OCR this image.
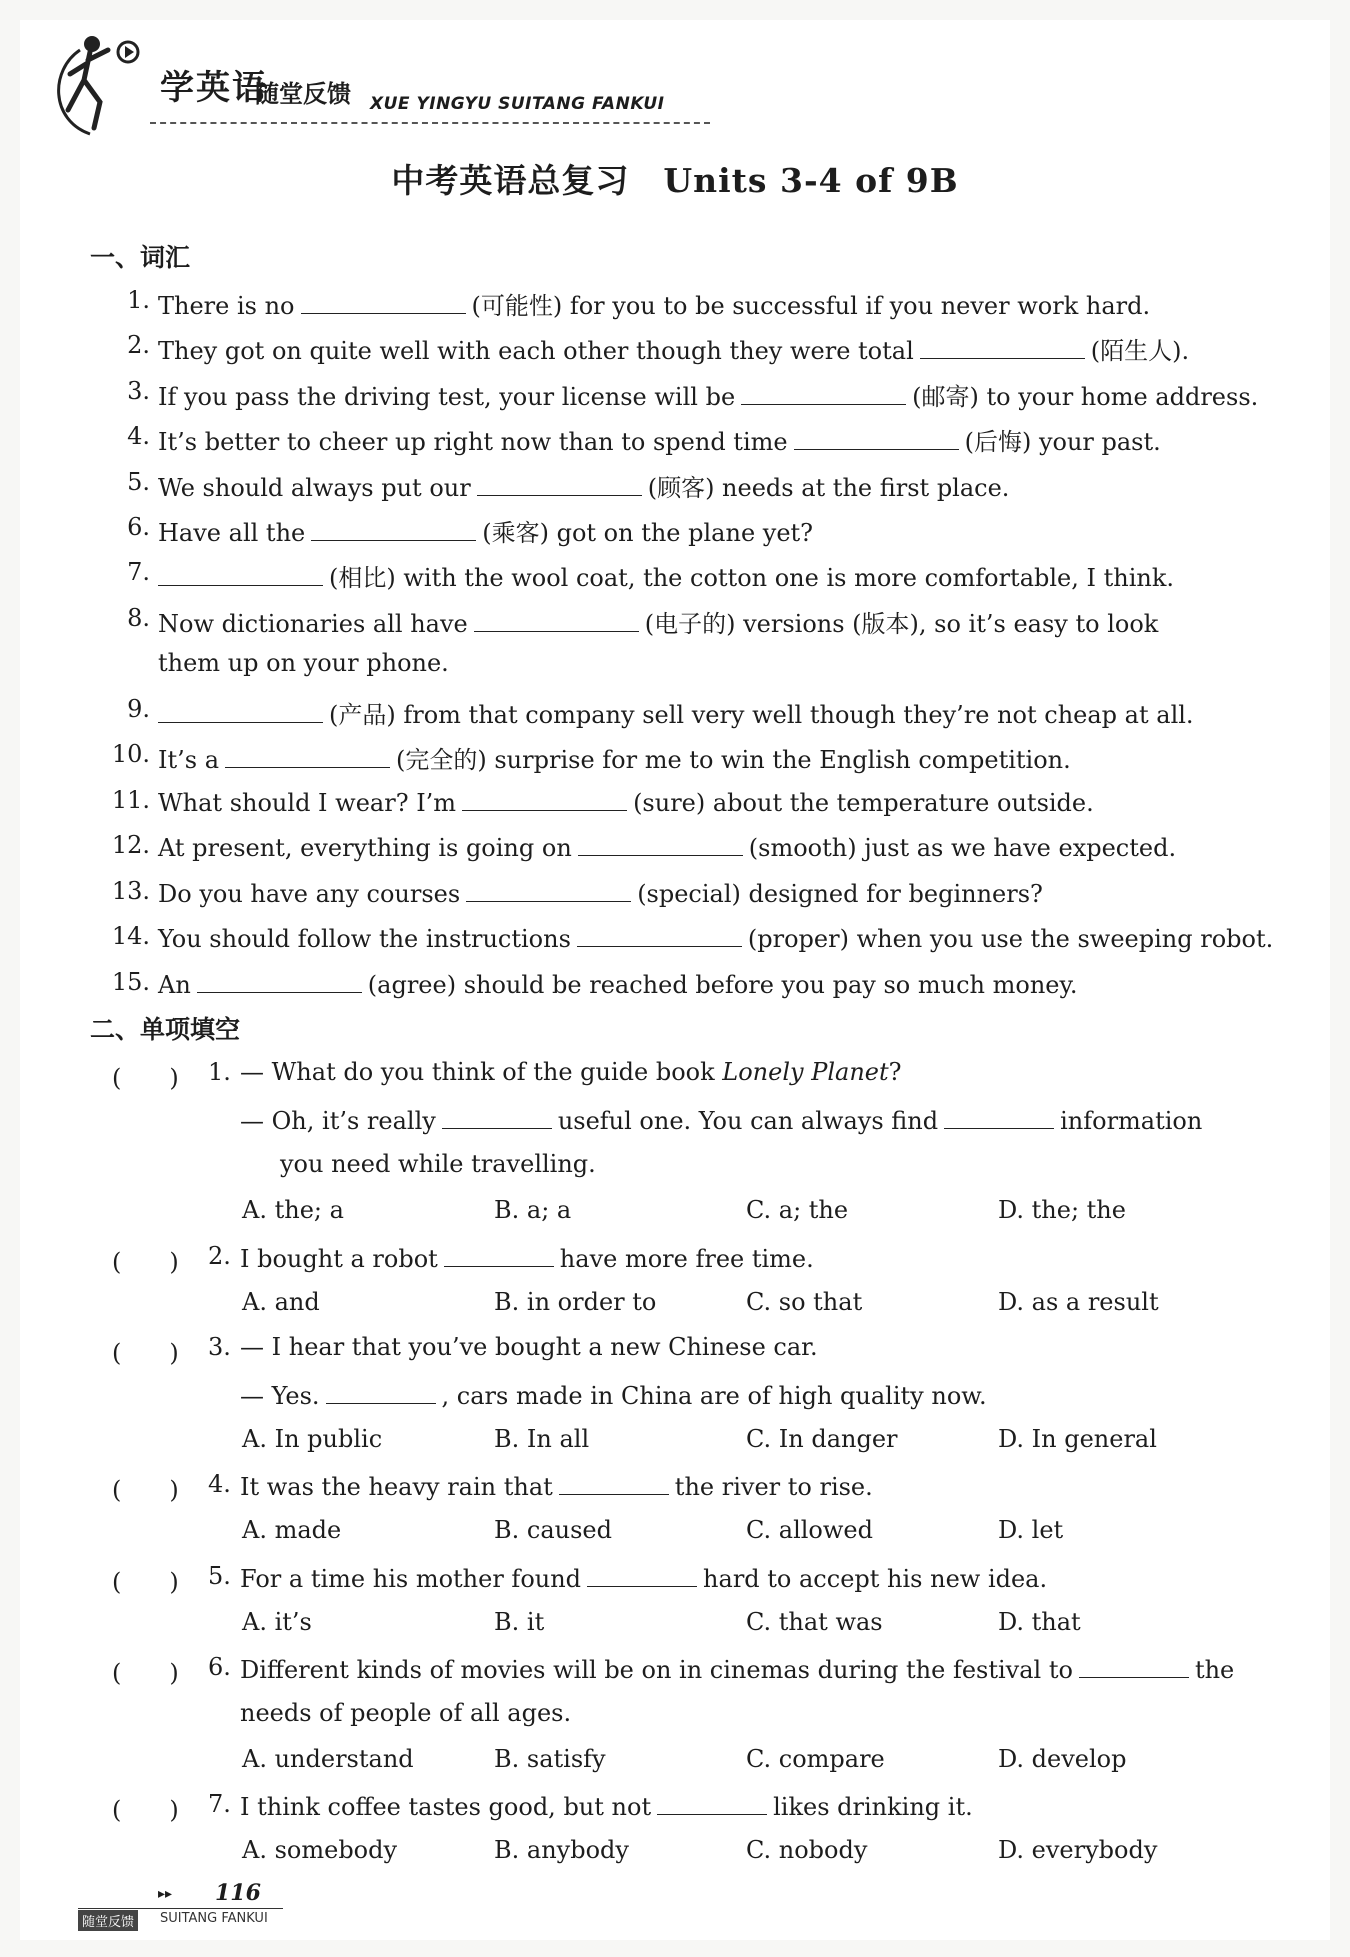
学英语
随堂反馈 XUE YINGYU SUITANG FANKUI
中考英语总复习　Units 3-4 of 9B
一、词汇
1. There is no	(可能性) for you to be successful if you never work hard.
2. They got on quite well with each other though they were total	(陌生人).
3. If you pass the driving test, your license will be	(邮寄) to your home address.
4. It’s better to cheer up right now than to spend time	(后悔) your past.
5. We should always put our	(顾客) needs at the first place.
6. Have all the	(乘客) got on the plane yet?
7.	(相比) with the wool coat, the cotton one is more comfortable, I think.
8. Now dictionaries all have	(电子的) versions (版本), so it’s easy to look
them up on your phone.
9.	(产品) from that company sell very well though they’re not cheap at all.
10. It’s a	(完全的) surprise for me to win the English competition.
11. What should I wear? I’m	(sure) about the temperature outside.
12. At present, everything is going on	(smooth) just as we have expected.
13. Do you have any courses	(special) designed for beginners?
14. You should follow the instructions	(proper) when you use the sweeping robot.
15. An	(agree) should be reached before you pay so much money.
二、单项填空
(　　) 1. — What do you think of the guide book Lonely Planet?
— Oh, it’s really	useful one. You can always find	information
you need while travelling.
A. the; a	B. a; a	C. a; the	D. the; the
(　　) 2. I bought a robot	have more free time.
A. and	B. in order to	C. so that	D. as a result
(　　) 3. — I hear that you’ve bought a new Chinese car.
— Yes.	, cars made in China are of high quality now.
A. In public	B. In all	C. In danger	D. In general
(　　) 4. It was the heavy rain that	the river to rise.
A. made	B. caused	C. allowed	D. let
(　　) 5. For a time his mother found	hard to accept his new idea.
A. it’s	B. it	C. that was	D. that
(　　) 6. Different kinds of movies will be on in cinemas during the festival to	the
needs of people of all ages.
A. understand	B. satisfy	C. compare	D. develop
(　　) 7. I think coffee tastes good, but not	likes drinking it.
A. somebody	B. anybody	C. nobody	D. everybody
▸▸ 116
随堂反馈	SUITANG FANKUI
